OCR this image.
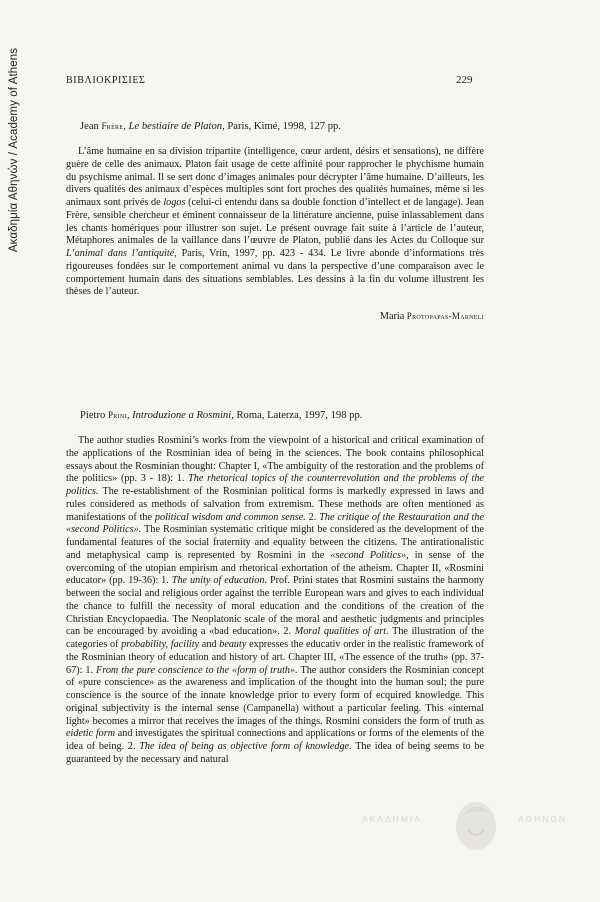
Ακαδημία Αθηνών / Academy of Athens	ΒΙΒΛΙΟΚΡΙΣΙΕΣ	229
Jean Frère, Le bestiaire de Platon, Paris, Kimé, 1998, 127 pp.

L’âme humaine en sa division tripartite (intelligence, cœur ardent, désirs et sensations), ne diffère guère de celle des animaux. Platon fait usage de cette affinité pour rapprocher le phychisme humain du psychisme animal. Il se sert donc d’images animales pour décrypter l’âme humaine. D’ailleurs, les divers qualités des animaux d’espèces multiples sont fort proches des qualités humaines, même si les animaux sont privés de logos (celui-ci entendu dans sa double fonction d’intellect et de langage). Jean Frère, sensible chercheur et éminent connaisseur de la littérature ancienne, puise inlassablement dans les chants homériques pour illustrer son sujet. Le présent ouvrage fait suite à l’article de l’auteur, Métaphores animales de la vaillance dans l’œuvre de Platon, publié dans les Actes du Colloque sur L’animal dans l’antiquité, Paris, Vrin, 1997, pp. 423 - 434. Le livre abonde d’informations très rigoureuses fondées sur le comportement animal vu dans la perspective d’une comparaison avec le comportement humain dans des situations semblables. Les dessins à la fin du volume illustrent les thèses de l’auteur.

Maria Protopapas-Marneli
Pietro Prini, Introduzione a Rosmini, Roma, Laterza, 1997, 198 pp.

The author studies Rosmini’s works from the viewpoint of a historical and critical examination of the applications of the Rosminian idea of being in the sciences. The book contains philosophical essays about the Rosminian thought: Chapter I, «The ambiguity of the restoration and the problems of the politics» (pp. 3 - 18): 1. The rhetorical topics of the counterrevolution and the problems of the politics. The re-establishment of the Rosminian political forms is markedly expressed in laws and rules considered as methods of salvation from extremism. These methods are often mentioned as manifestations of the political wisdom and common sense. 2. The critique of the Restauration and the «second Politics». The Rosminian systematic critique might be considered as the development of the fundamental features of the social fraternity and equality between the citizens. The antirationalistic and metaphysical camp is represented by Rosmini in the «second Politics», in sense of the overcoming of the utopian empirism and rhetorical exhortation of the atheism. Chapter II, «Rosmini educator» (pp. 19-36): 1. The unity of education. Prof. Prini states that Rosmini sustains the harmony between the social and religious order against the terrible European wars and gives to each individual the chance to fulfill the necessity of moral education and the conditions of the creation of the Christian Encyclopaedia. The Neoplatonic scale of the moral and aesthetic judgments and principles can be encouraged by avoiding a «bad education». 2. Moral qualities of art. The illustration of the categories of probability, facility and beauty expresses the educativ order in the realistic framework of the Rosminian theory of education and history of art. Chapter III, «The essence of the truth» (pp. 37-67): 1. From the pure conscience to the «form of truth». The author considers the Rosminian concept of «pure conscience» as the awareness and implication of the thought into the human soul; the pure conscience is the source of the innate knowledge prior to every form of ecquired knowledge. This original subjectivity is the internal sense (Campanella) without a particular feeling. This «internal light» becomes a mirror that receives the images of the things. Rosmini considers the form of truth as eidetic form and investigates the spiritual connections and applications or forms of the elements of the idea of being. 2. The idea of being as objective form of knowledge. The idea of being seems to be guaranteed by the necessary and natural

ΑΚΑΔΗΜΙΑ	ΑΘΗΝΩΝ
